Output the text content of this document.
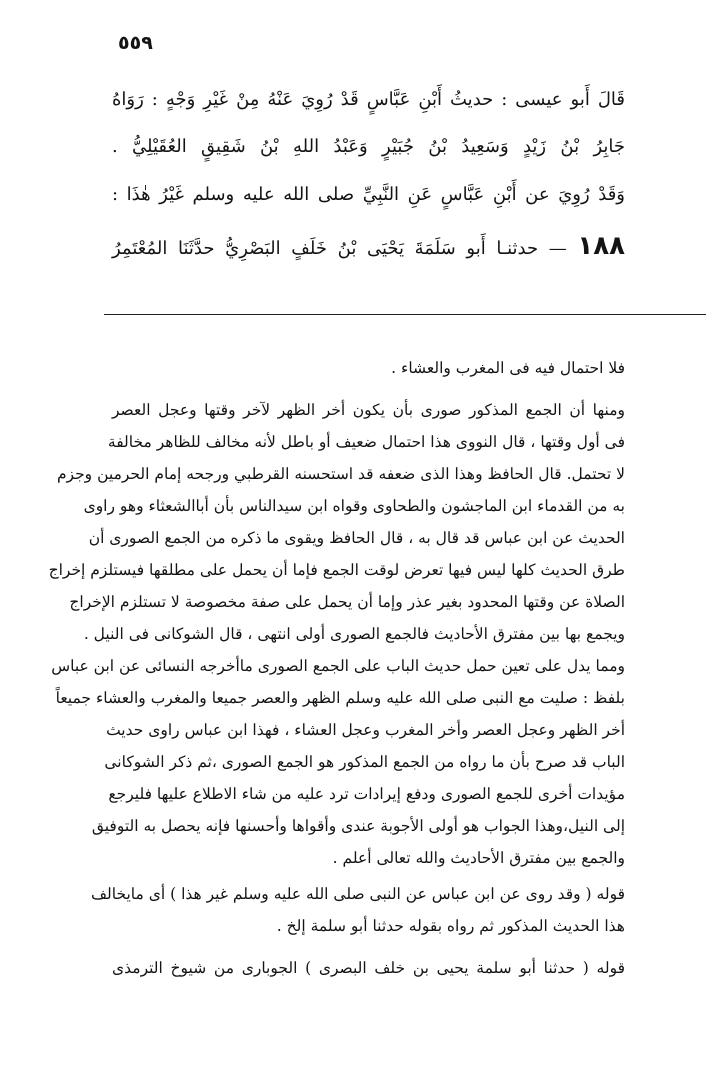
٥٥٩
قَالَ أَبو عيسى : حديثُ أَبْنِ عَبَّاسٍ قَدْ رُوِيَ عَنْهُ مِنْ غَيْرِ وَجْهٍ : رَوَاهُ
جَابِرُ بْنُ زَيْدٍ وَسَعِيدُ بْنُ جُبَيْرٍ وَعَبْدُ اللهِ بْنُ شَقِيقٍ العُقَيْلِيُّ .
وَقَدْ رُوِيَ عن أَبْنِ عَبَّاسٍ عَنِ النَّبِيِّ صلى الله عليه وسلم غَيْرُ هٰذَا :
١٨٨ — حدثنـا أَبو سَلَمَةَ يَحْيَى بْنُ خَلَفٍ البَصْرِيُّ حدَّثَنَا المُعْتَمِرُ
فلا احتمال فيه فى المغرب والعشاء .
ومنها أن الجمع المذكور صورى بأن يكون أخر الظهر لآخر وقتها وعجل العصر
فى أول وقتها ، قال النووى هذا احتمال ضعيف أو باطل لأنه مخالف للظاهر مخالفة
لا تحتمل. قال الحافظ وهذا الذى ضعفه قد استحسنه القرطبي ورجحه إمام الحرمين وجزم
به من القدماء ابن الماجشون والطحاوى وقواه ابن سيدالناس بأن أباالشعثاء وهو راوى
الحديث عن ابن عباس قد قال به ، قال الحافظ ويقوى ما ذكره من الجمع الصورى أن
طرق الحديث كلها ليس فيها تعرض لوقت الجمع فإما أن يحمل على مطلقها فيستلزم إخراج
الصلاة عن وقتها المحدود بغير عذر وإما أن يحمل على صفة مخصوصة لا تستلزم الإخراج
ويجمع بها بين مفترق الأحاديث فالجمع الصورى أولى انتهى ، قال الشوكانى فى النيل .
ومما يدل على تعين حمل حديث الباب على الجمع الصورى ماأخرجه النسائى عن ابن عباس
بلفظ : صليت مع النبى صلى الله عليه وسلم الظهر والعصر جميعا والمغرب والعشاء جميعاً
أخر الظهر وعجل العصر وأخر المغرب وعجل العشاء ، فهذا ابن عباس راوى حديث
الباب قد صرح بأن ما رواه من الجمع المذكور هو الجمع الصورى ،ثم ذكر الشوكانى
مؤيدات أخرى للجمع الصورى ودفع إيرادات ترد عليه من شاء الاطلاع عليها فليرجع
إلى النيل،وهذا الجواب هو أولى الأجوبة عندى وأقواها وأحسنها فإنه يحصل به التوفيق
والجمع بين مفترق الأحاديث والله تعالى أعلم .
قوله ( وقد روى عن ابن عباس عن النبى صلى الله عليه وسلم غير هذا ) أى مايخالف
هذا الحديث المذكور ثم رواه بقوله حدثنا أبو سلمة إلخ .
قوله ( حدثنا أبو سلمة يحيى بن خلف البصرى ) الجوبارى من شيوخ الترمذى
